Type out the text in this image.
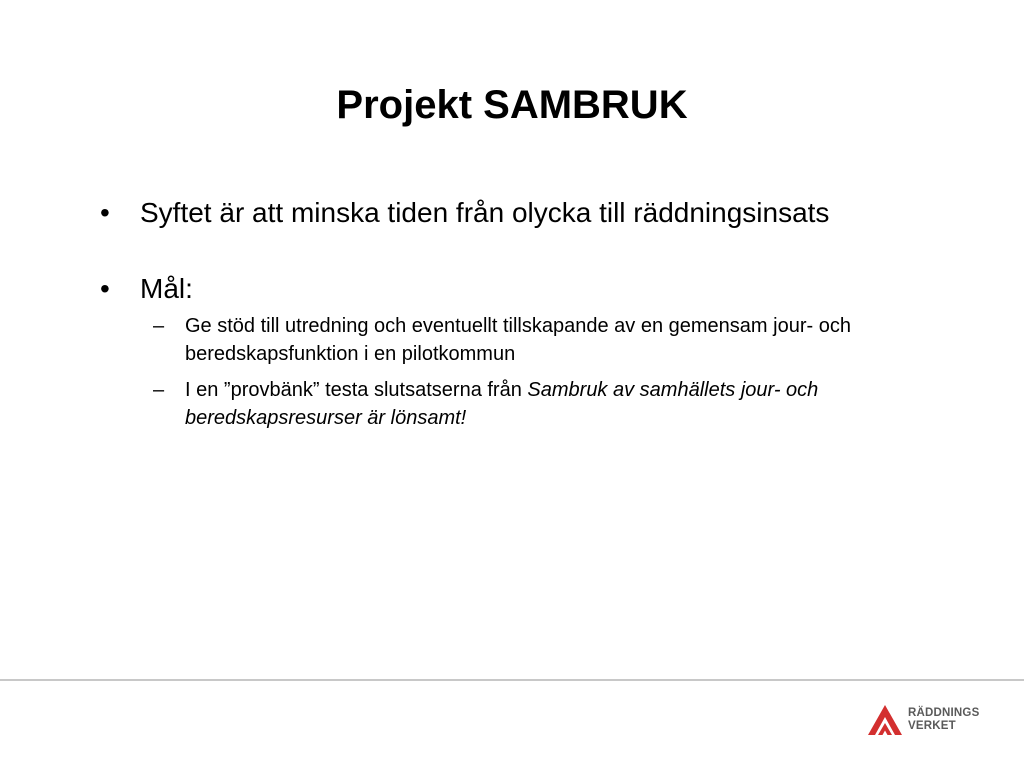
Projekt SAMBRUK
•	Syftet är att minska tiden från olycka till räddningsinsats
•	Mål:
–	Ge stöd till utredning och eventuellt tillskapande av en gemensam jour- och beredskapsfunktion i en pilotkommun
–	I en ”provbänk” testa slutsatserna från Sambruk av samhällets jour- och beredskapsresurser är lönsamt!
RÄDDNINGS
VERKET
